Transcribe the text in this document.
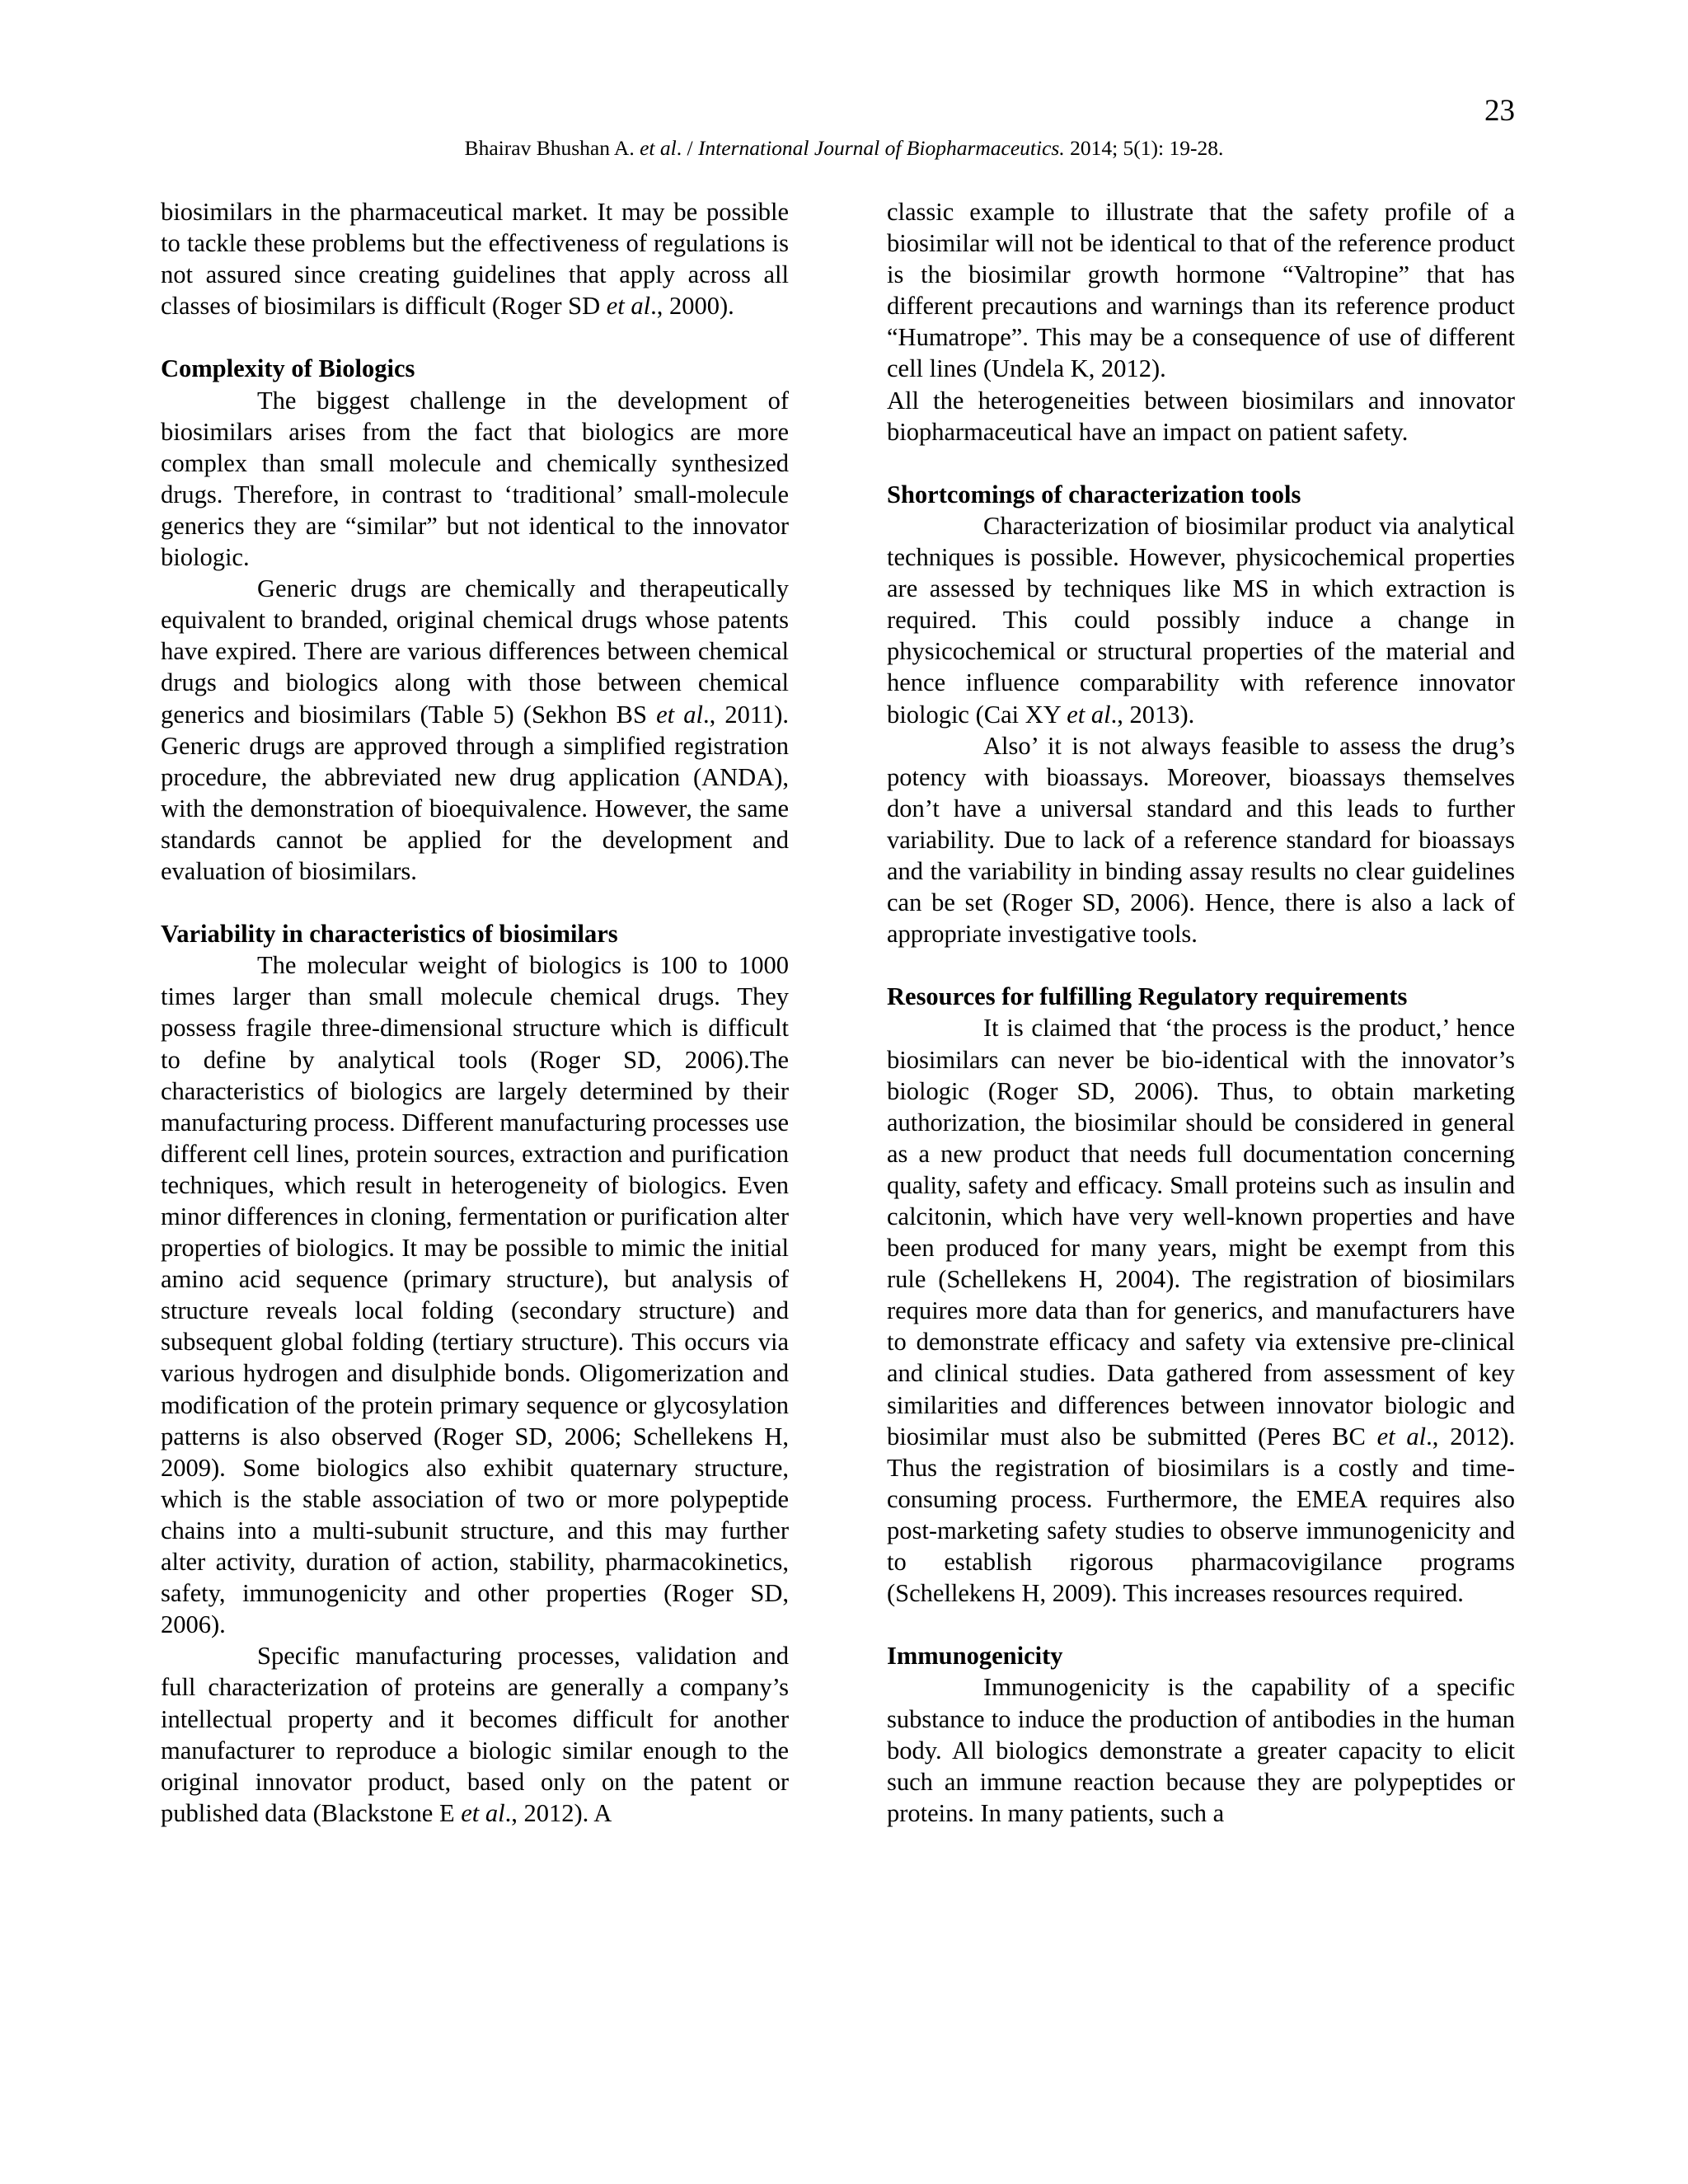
23
Bhairav Bhushan A. et al. / International Journal of Biopharmaceutics. 2014; 5(1): 19-28.

biosimilars in the pharmaceutical market. It may be possible to tackle these problems but the effectiveness of regulations is not assured since creating guidelines that apply across all classes of biosimilars is difficult (Roger SD et al., 2000).

Complexity of Biologics

The biggest challenge in the development of biosimilars arises from the fact that biologics are more complex than small molecule and chemically synthesized drugs. Therefore, in contrast to ‘traditional’ small-molecule generics they are “similar” but not identical to the innovator biologic.

Generic drugs are chemically and therapeutically equivalent to branded, original chemical drugs whose patents have expired. There are various differences between chemical drugs and biologics along with those between chemical generics and biosimilars (Table 5) (Sekhon BS et al., 2011). Generic drugs are approved through a simplified registration procedure, the abbreviated new drug application (ANDA), with the demonstration of bioequivalence. However, the same standards cannot be applied for the development and evaluation of biosimilars.

Variability in characteristics of biosimilars

The molecular weight of biologics is 100 to 1000 times larger than small molecule chemical drugs. They possess fragile three-dimensional structure which is difficult to define by analytical tools (Roger SD, 2006).The characteristics of biologics are largely determined by their manufacturing process. Different manufacturing processes use different cell lines, protein sources, extraction and purification techniques, which result in heterogeneity of biologics. Even minor differences in cloning, fermentation or purification alter properties of biologics. It may be possible to mimic the initial amino acid sequence (primary structure), but analysis of structure reveals local folding (secondary structure) and subsequent global folding (tertiary structure). This occurs via various hydrogen and disulphide bonds. Oligomerization and modification of the protein primary sequence or glycosylation patterns is also observed (Roger SD, 2006; Schellekens H, 2009). Some biologics also exhibit quaternary structure, which is the stable association of two or more polypeptide chains into a multi-subunit structure, and this may further alter activity, duration of action, stability, pharmacokinetics, safety, immunogenicity and other properties (Roger SD, 2006).

Specific manufacturing processes, validation and full characterization of proteins are generally a company’s intellectual property and it becomes difficult for another manufacturer to reproduce a biologic similar enough to the original innovator product, based only on the patent or published data (Blackstone E et al., 2012). A

classic example to illustrate that the safety profile of a biosimilar will not be identical to that of the reference product is the biosimilar growth hormone “Valtropine” that has different precautions and warnings than its reference product “Humatrope”. This may be a consequence of use of different cell lines (Undela K, 2012).

All the heterogeneities between biosimilars and innovator biopharmaceutical have an impact on patient safety.

Shortcomings of characterization tools

Characterization of biosimilar product via analytical techniques is possible. However, physicochemical properties are assessed by techniques like MS in which extraction is required. This could possibly induce a change in physicochemical or structural properties of the material and hence influence comparability with reference innovator biologic (Cai XY et al., 2013).

Also’ it is not always feasible to assess the drug’s potency with bioassays. Moreover, bioassays themselves don’t have a universal standard and this leads to further variability. Due to lack of a reference standard for bioassays and the variability in binding assay results no clear guidelines can be set (Roger SD, 2006). Hence, there is also a lack of appropriate investigative tools.

Resources for fulfilling Regulatory requirements

It is claimed that ‘the process is the product,’ hence biosimilars can never be bio-identical with the innovator’s biologic (Roger SD, 2006). Thus, to obtain marketing authorization, the biosimilar should be considered in general as a new product that needs full documentation concerning quality, safety and efficacy. Small proteins such as insulin and calcitonin, which have very well-known properties and have been produced for many years, might be exempt from this rule (Schellekens H, 2004). The registration of biosimilars requires more data than for generics, and manufacturers have to demonstrate efficacy and safety via extensive pre-clinical and clinical studies. Data gathered from assessment of key similarities and differences between innovator biologic and biosimilar must also be submitted (Peres BC et al., 2012). Thus the registration of biosimilars is a costly and time-consuming process. Furthermore, the EMEA requires also post-marketing safety studies to observe immunogenicity and to establish rigorous pharmacovigilance programs (Schellekens H, 2009). This increases resources required.

Immunogenicity

Immunogenicity is the capability of a specific substance to induce the production of antibodies in the human body. All biologics demonstrate a greater capacity to elicit such an immune reaction because they are polypeptides or proteins. In many patients, such a
